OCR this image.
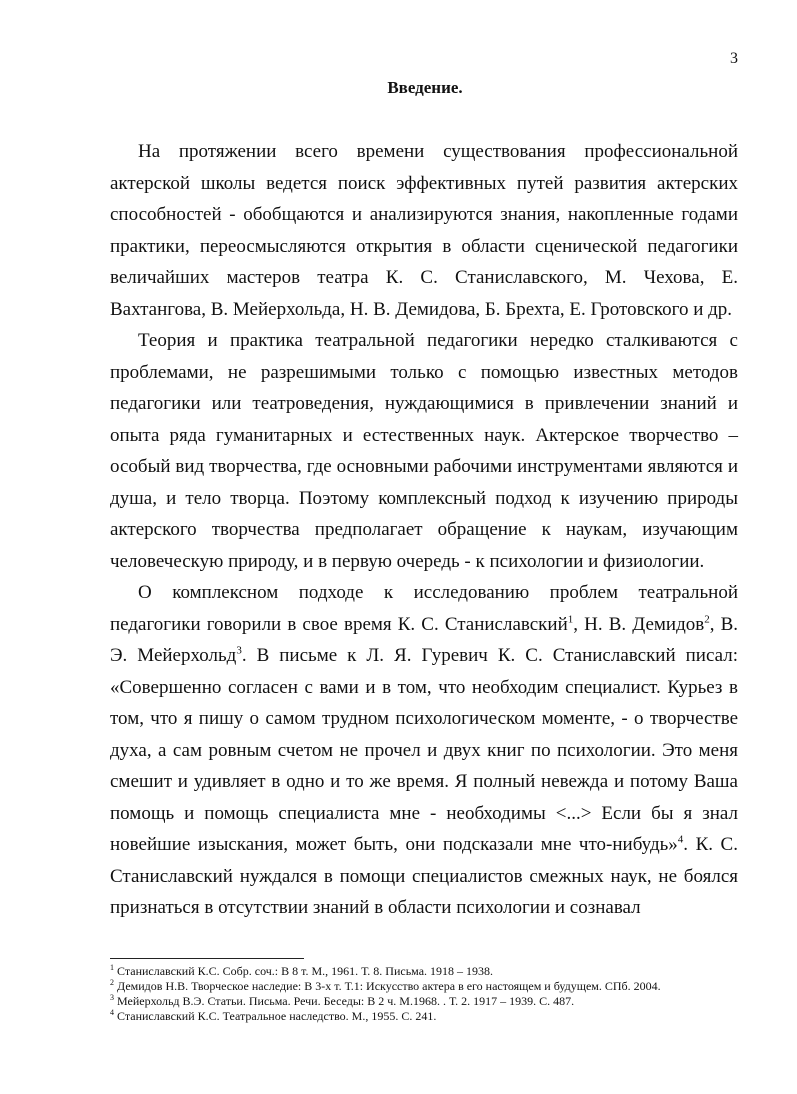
3
Введение.

На протяжении всего времени существования профессиональной актерской школы ведется поиск эффективных путей развития актерских способностей - обобщаются и анализируются знания, накопленные годами практики, переосмысляются открытия в области сценической педагогики величайших мастеров театра К. С. Станиславского, М. Чехова, Е. Вахтангова, В. Мейерхольда, Н. В. Демидова, Б. Брехта, Е. Гротовского и др.

Теория и практика театральной педагогики нередко сталкиваются с проблемами, не разрешимыми только с помощью известных методов педагогики или театроведения, нуждающимися в привлечении знаний и опыта ряда гуманитарных и естественных наук. Актерское творчество – особый вид творчества, где основными рабочими инструментами являются и душа, и тело творца. Поэтому комплексный подход к изучению природы актерского творчества предполагает обращение к наукам, изучающим человеческую природу, и в первую очередь - к психологии и физиологии.

О комплексном подходе к исследованию проблем театральной педагогики говорили в свое время К. С. Станиславский$^1$, Н. В. Демидов$^2$, В. Э. Мейерхольд$^3$. В письме к Л. Я. Гуревич К. С. Станиславский писал: «Совершенно согласен с вами и в том, что необходим специалист. Курьез в том, что я пишу о самом трудном психологическом моменте, - о творчестве духа, а сам ровным счетом не прочел и двух книг по психологии. Это меня смешит и удивляет в одно и то же время. Я полный невежда и потому Ваша помощь и помощь специалиста мне - необходимы <...> Если бы я знал новейшие изыскания, может быть, они подсказали мне что-нибудь»$^4$. К. С. Станиславский нуждался в помощи специалистов смежных наук, не боялся признаться в отсутствии знаний в области психологии и сознавал

$^1$ Станиславский К.С. Собр. соч.: В 8 т. М., 1961. Т. 8. Письма. 1918 – 1938.

$^2$ Демидов Н.В. Творческое наследие: В 3-х т. Т.1: Искусство актера в его настоящем и будущем. СПб. 2004.

$^3$ Мейерхольд В.Э. Статьи. Письма. Речи. Беседы: В 2 ч. М.1968. . Т. 2. 1917 – 1939. С. 487.

$^4$ Станиславский К.С. Театральное наследство. М., 1955. С. 241.
